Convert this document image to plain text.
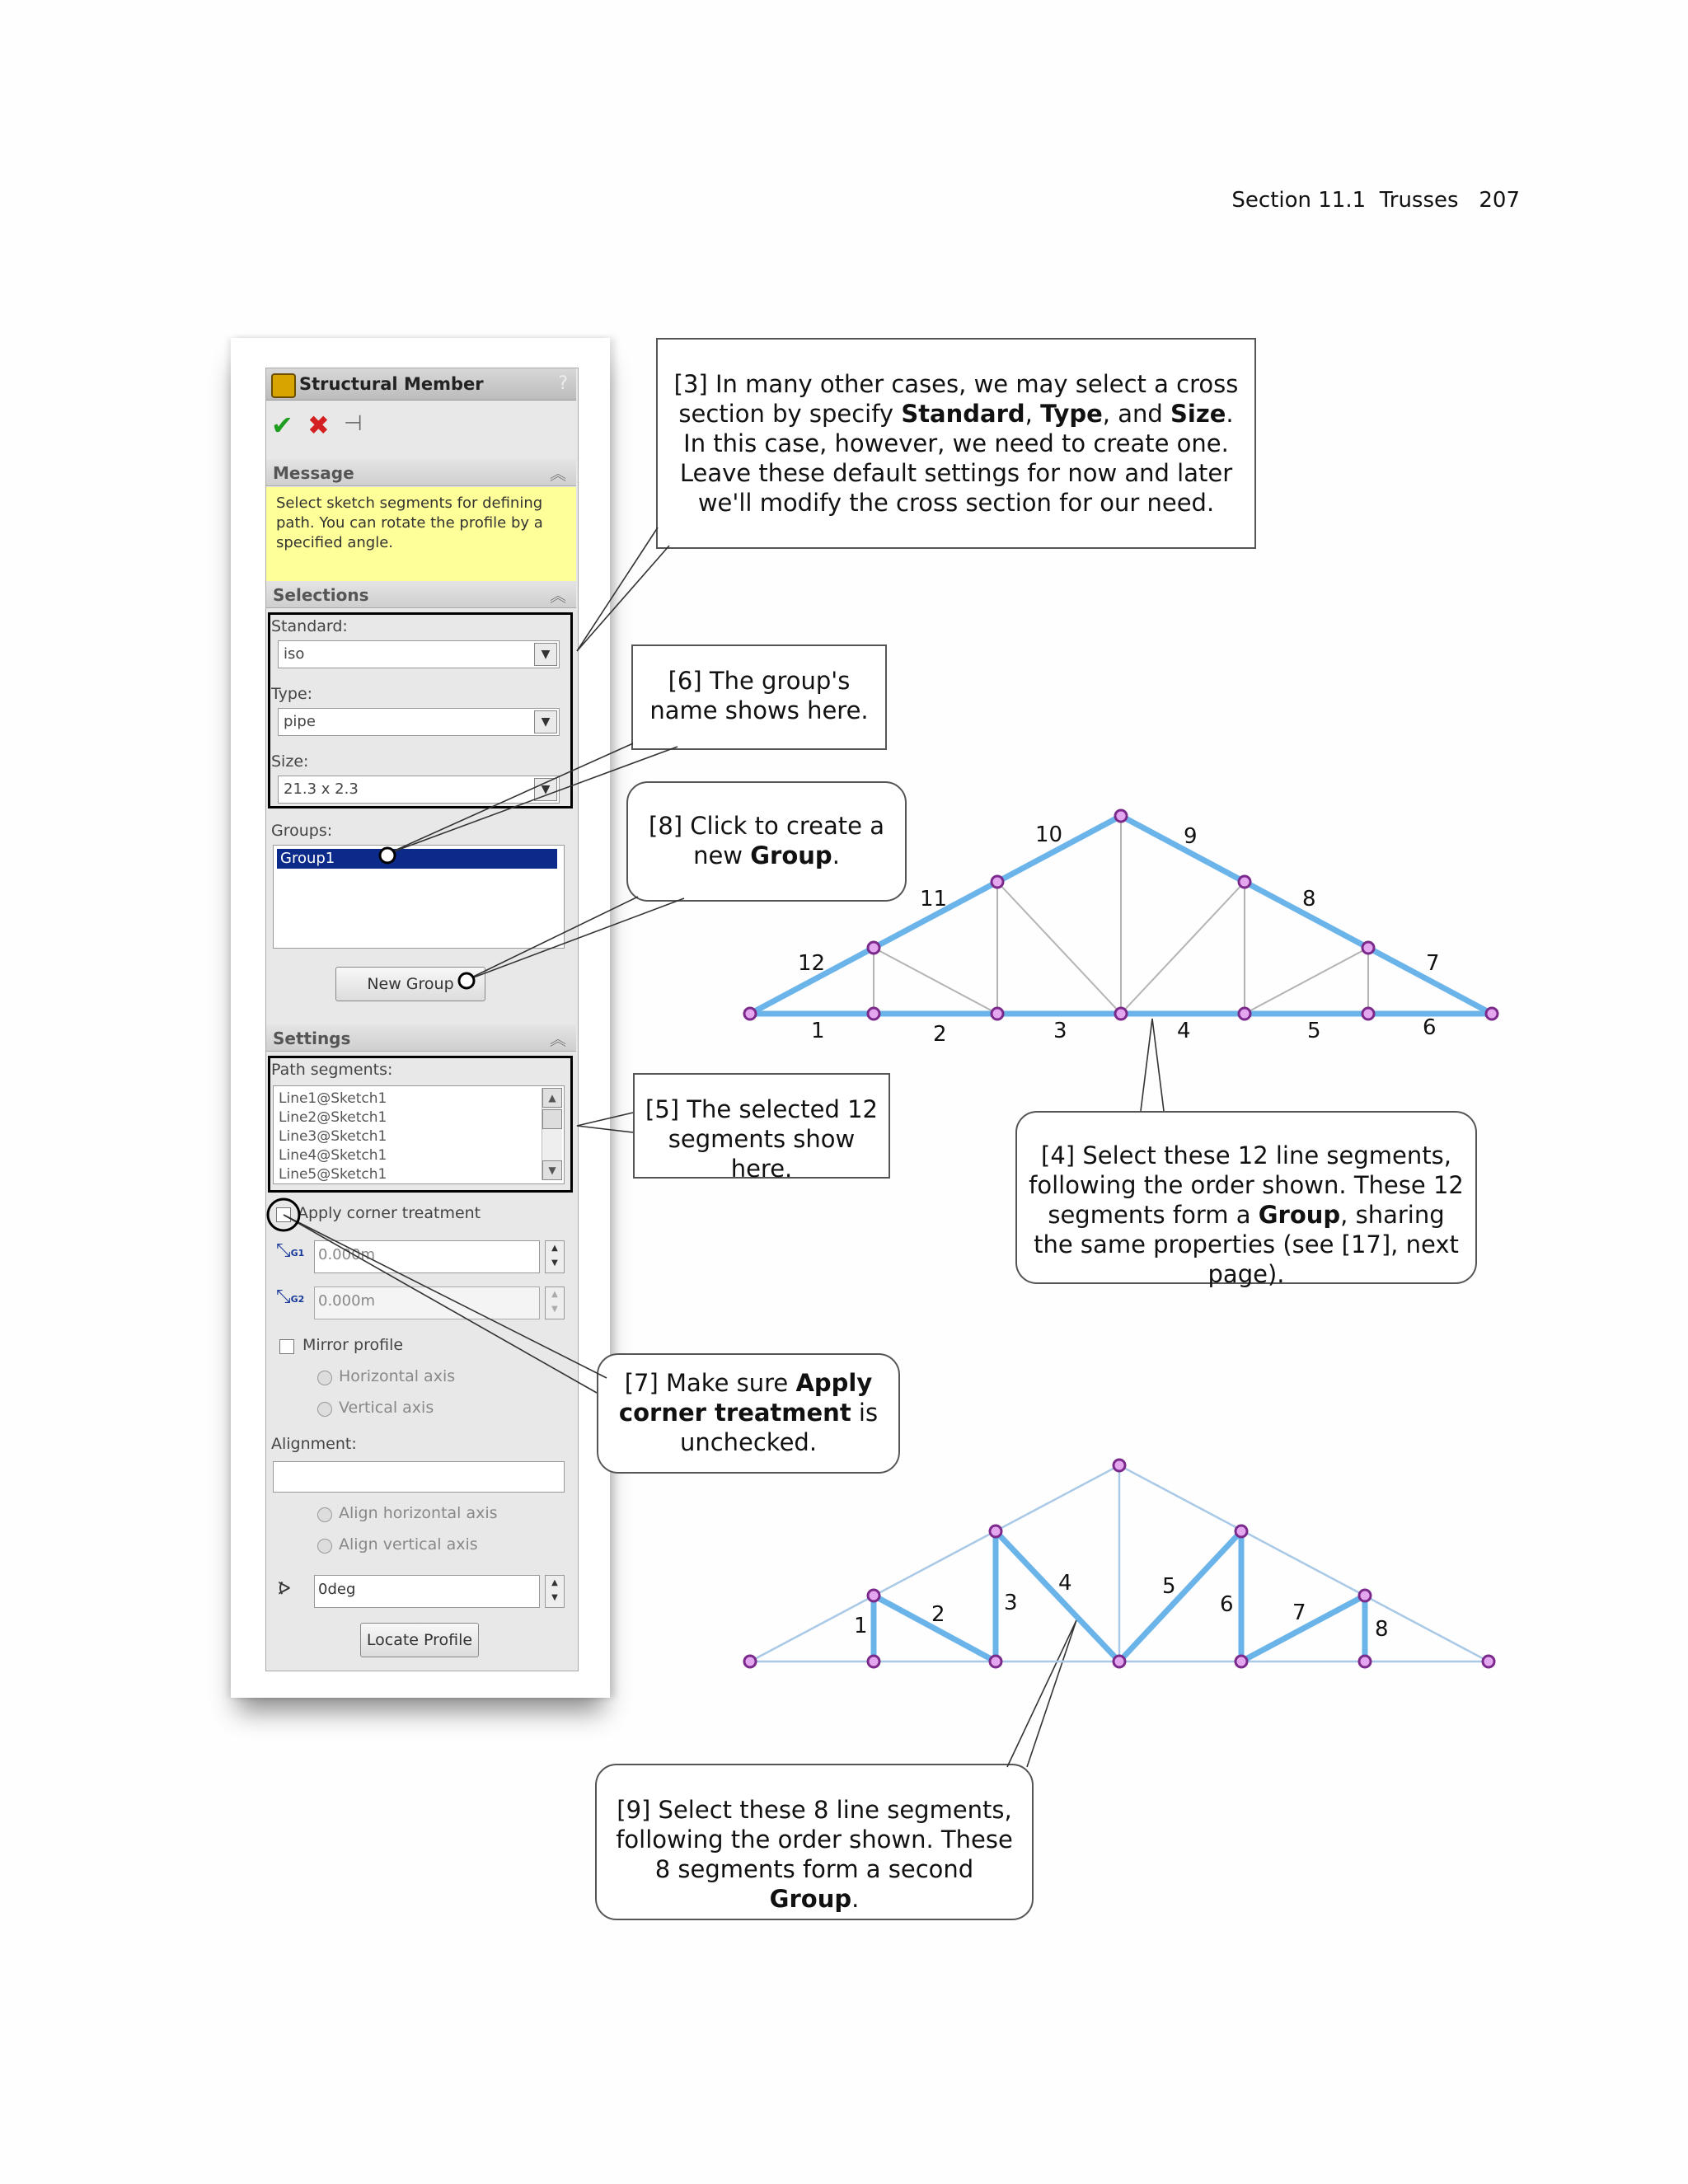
Section 11.1  Trusses 207
Structural Member	?
✔ ✖ ⊣
Message	︽
Select sketch segments for defining path. You can rotate the profile by a specified angle.
Selections	︽
Standard:
iso	▼
Type:
pipe	▼
Size:
21.3 x 2.3	▼
Groups:
Group1
New Group
Settings	︽
Path segments:
Line1@Sketch1
Line2@Sketch1
Line3@Sketch1
Line4@Sketch1
Line5@Sketch1
▲
▼
Apply corner treatment
⤡G1 0.000m	▲
▼
⤡G2 0.000m	▲
▼
Mirror profile
Horizontal axis
Vertical axis
Alignment:
Align horizontal axis
Align vertical axis
⦠	0deg	▲
▼
Locate Profile
[3] In many other cases, we may select a cross section by specify Standard, Type, and Size. In this case, however, we need to create one. Leave these default settings for now and later we'll modify the cross section for our need.
[6] The group's name shows here.
[8] Click to create a new Group.
[5] The selected 12 segments show here.	[4] Select these 12 line segments, following the order shown. These 12 segments form a Group, sharing the same properties (see [17], next page).
[7] Make sure Apply corner treatment is unchecked.
[9] Select these 8 line segments, following the order shown. These 8 segments form a second Group.
1	2	3	4	5	6
7
8
9
10
11
12
1	2	3
4	5
6	7
8
